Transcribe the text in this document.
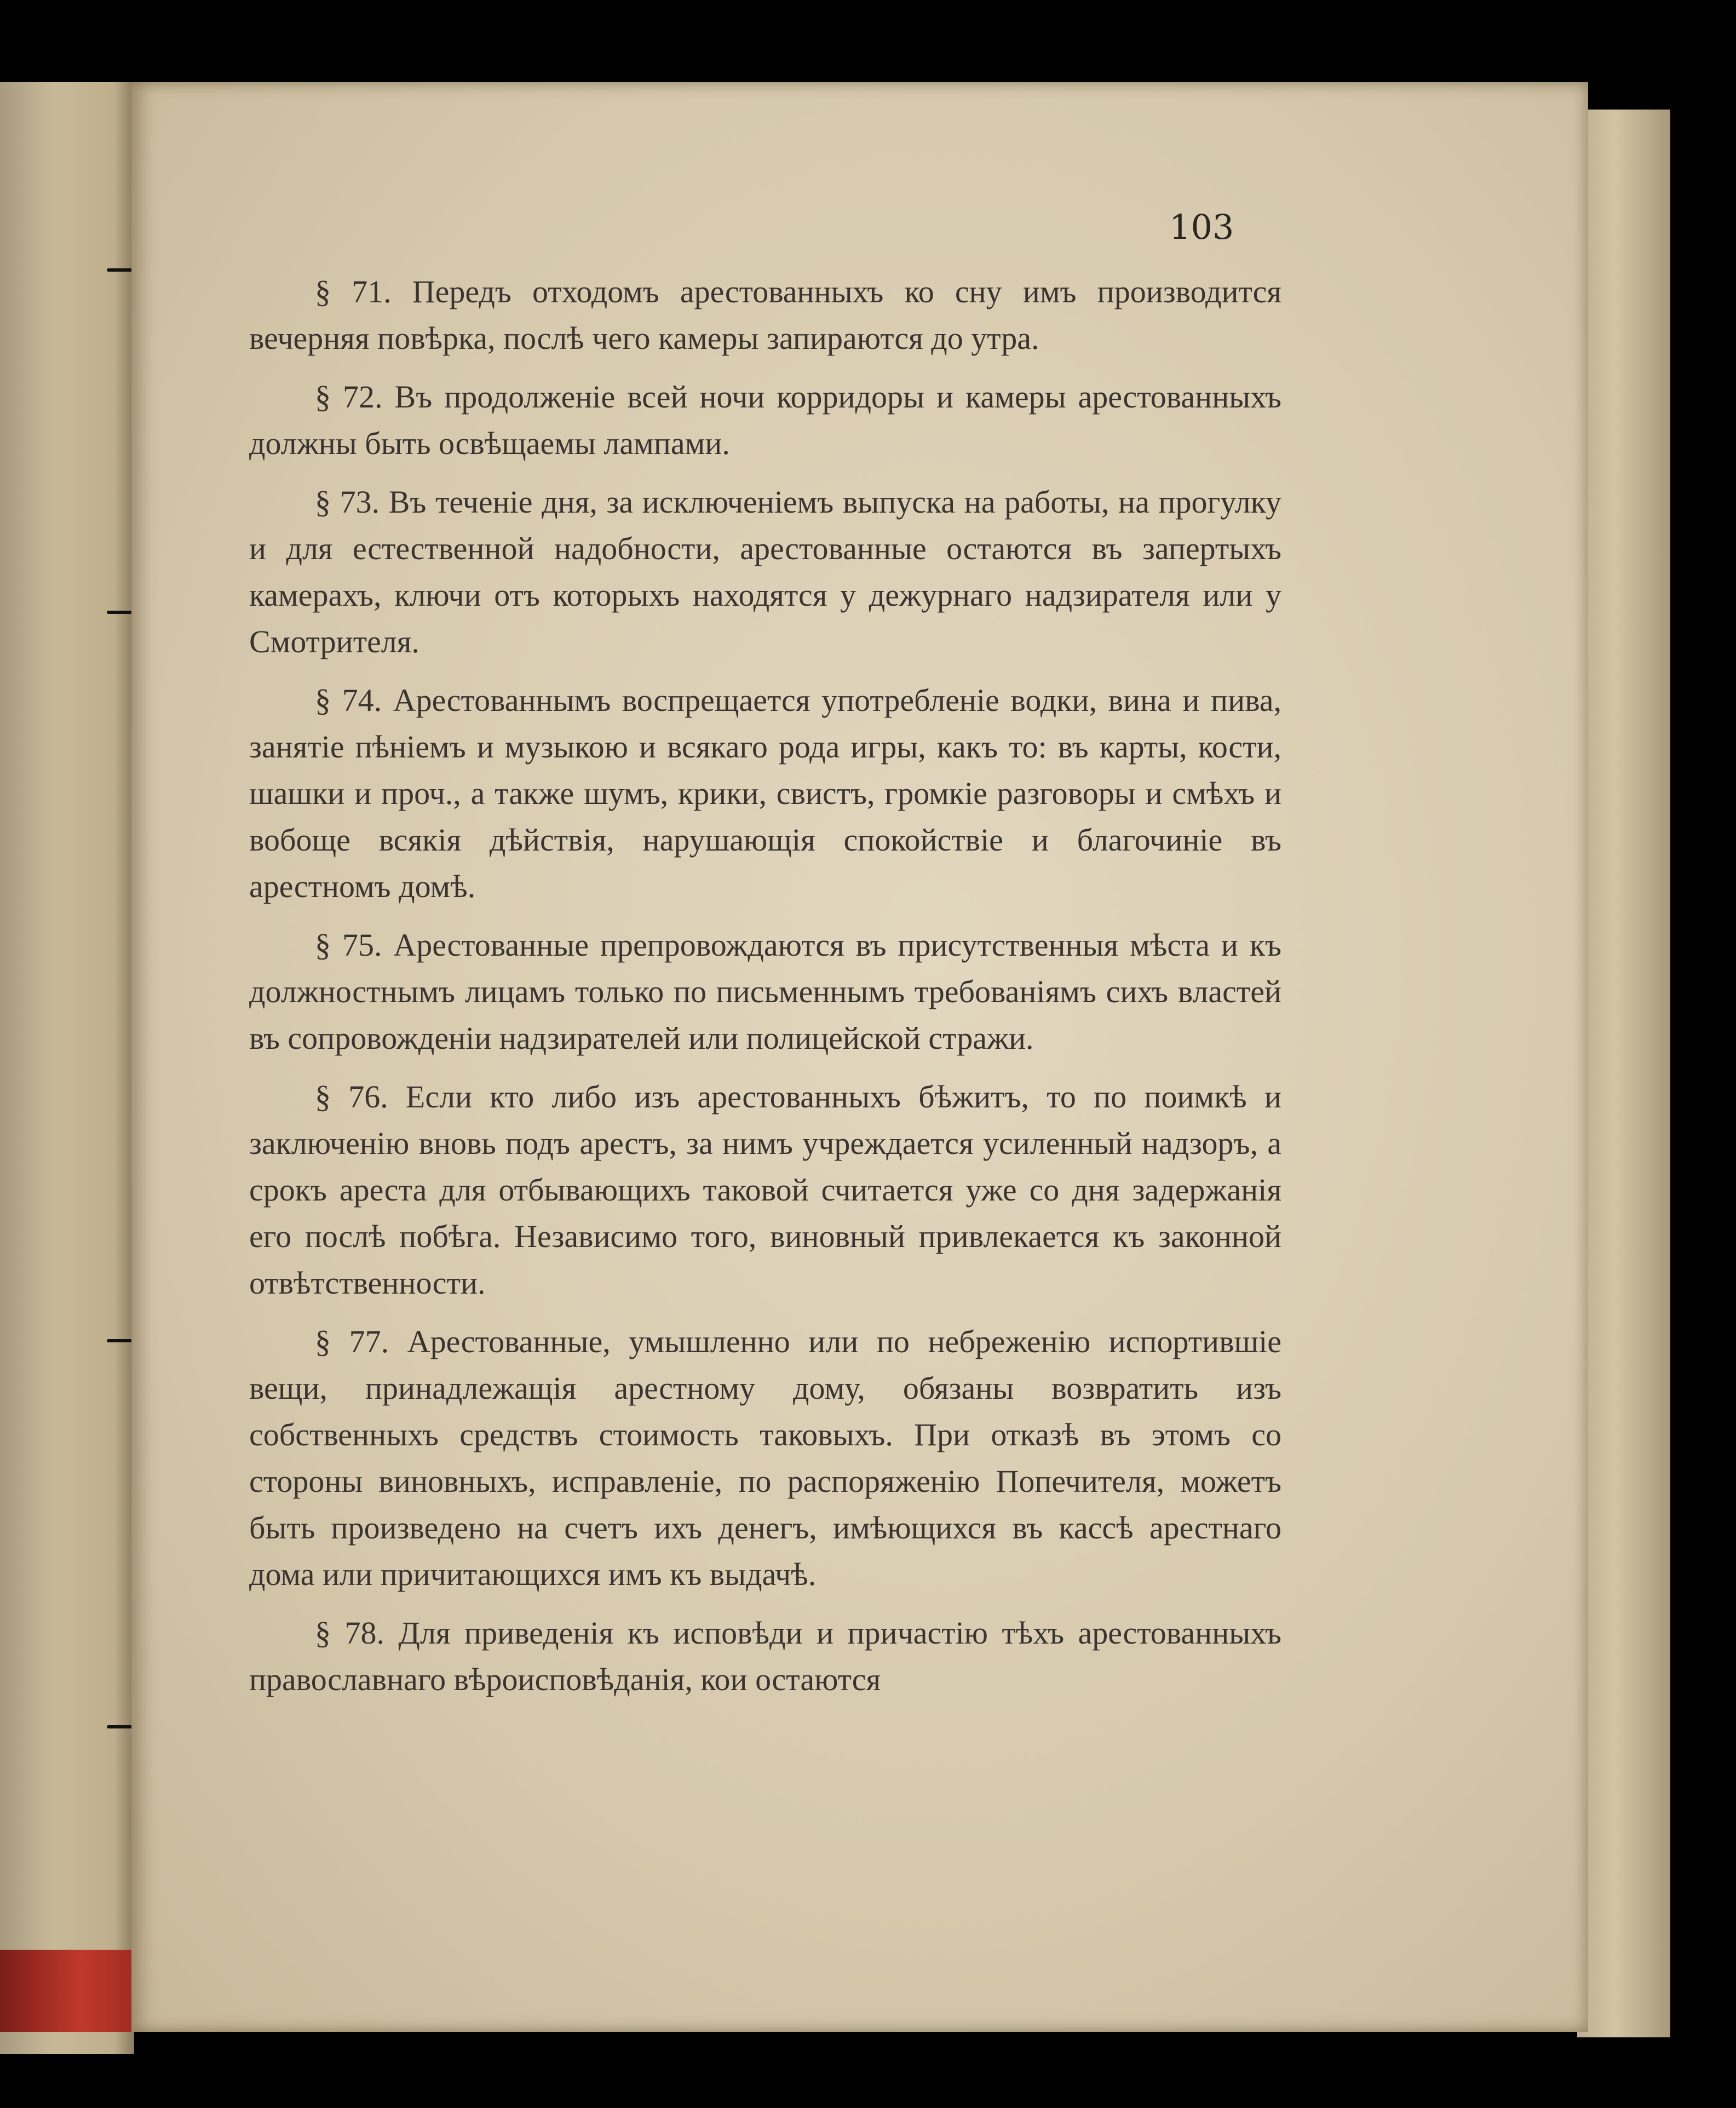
103

§ 71. Передъ отходомъ арестованныхъ ко сну имъ производится вечерняя повѣрка, послѣ чего камеры запираются до утра.

§ 72. Въ продолженіе всей ночи корридоры и камеры арестованныхъ должны быть освѣщаемы лампами.

§ 73. Въ теченіе дня, за исключеніемъ выпуска на работы, на прогулку и для естественной надобности, арестованные остаются въ запертыхъ камерахъ, ключи отъ которыхъ находятся у дежурнаго надзирателя или у Смотрителя.

§ 74. Арестованнымъ воспрещается употребленіе водки, вина и пива, занятіе пѣніемъ и музыкою и всякаго рода игры, какъ то: въ карты, кости, шашки и проч., а также шумъ, крики, свистъ, громкіе разговоры и смѣхъ и вобоще всякія дѣйствія, нарушающія спокойствіе и благочиніе въ арестномъ домѣ.

§ 75. Арестованные препровождаются въ присутственныя мѣста и къ должностнымъ лицамъ только по письменнымъ требованіямъ сихъ властей въ сопровожденіи надзирателей или полицейской стражи.

§ 76. Если кто либо изъ арестованныхъ бѣжитъ, то по поимкѣ и заключенію вновь подъ арестъ, за нимъ учреждается усиленный надзоръ, а срокъ ареста для отбывающихъ таковой считается уже со дня задержанія его послѣ побѣга. Независимо того, виновный привлекается къ законной отвѣтственности.

§ 77. Арестованные, умышленно или по небреженію испортившіе вещи, принадлежащія арестному дому, обязаны возвратить изъ собственныхъ средствъ стоимость таковыхъ. При отказѣ въ этомъ со стороны виновныхъ, исправленіе, по распоряженію Попечителя, можетъ быть произведено на счетъ ихъ денегъ, имѣющихся въ кассѣ арестнаго дома или причитающихся имъ къ выдачѣ.

§ 78. Для приведенія къ исповѣди и причастію тѣхъ арестованныхъ православнаго вѣроисповѣданія, кои остаются
